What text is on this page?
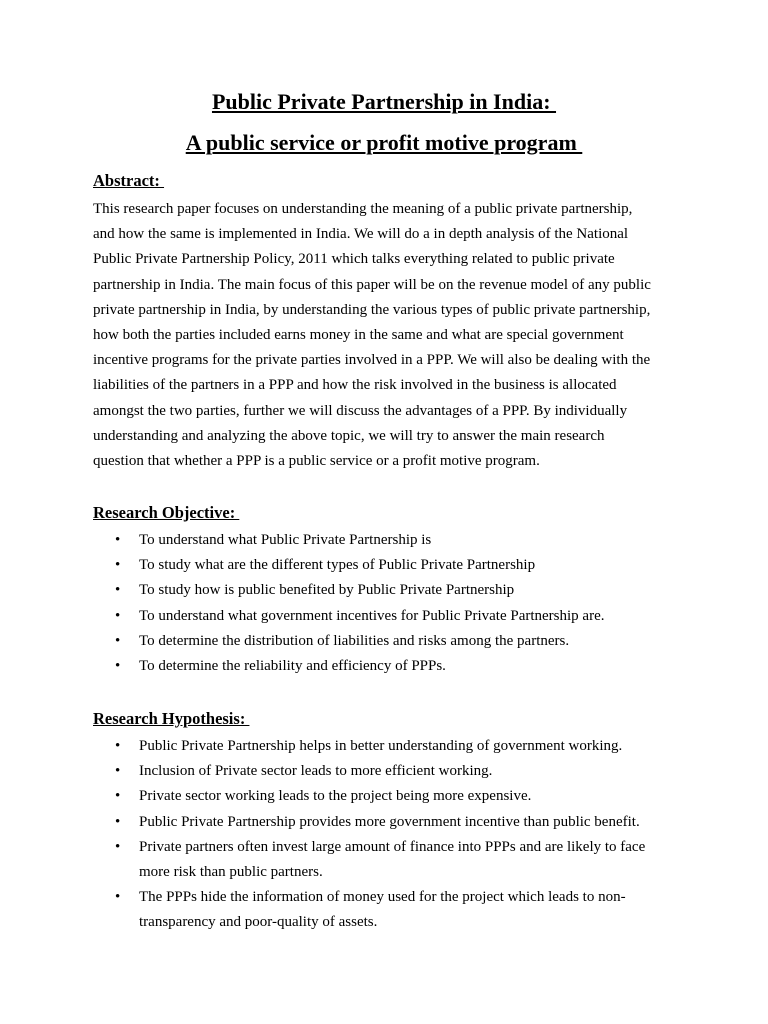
Public Private Partnership in India:
A public service or profit motive program
Abstract:

This research paper focuses on understanding the meaning of a public private partnership,
and how the same is implemented in India. We will do a in depth analysis of the National
Public Private Partnership Policy, 2011 which talks everything related to public private
partnership in India. The main focus of this paper will be on the revenue model of any public
private partnership in India, by understanding the various types of public private partnership,
how both the parties included earns money in the same and what are special government
incentive programs for the private parties involved in a PPP. We will also be dealing with the
liabilities of the partners in a PPP and how the risk involved in the business is allocated
amongst the two parties, further we will discuss the advantages of a PPP. By individually
understanding and analyzing the above topic, we will try to answer the main research
question that whether a PPP is a public service or a profit motive program.

Research Objective:
• To understand what Public Private Partnership is
• To study what are the different types of Public Private Partnership
• To study how is public benefited by Public Private Partnership
• To understand what government incentives for Public Private Partnership are.
• To determine the distribution of liabilities and risks among the partners.
• To determine the reliability and efficiency of PPPs.
Research Hypothesis:
• Public Private Partnership helps in better understanding of government working.
• Inclusion of Private sector leads to more efficient working.
• Private sector working leads to the project being more expensive.
• Public Private Partnership provides more government incentive than public benefit.
• Private partners often invest large amount of finance into PPPs and are likely to face
more risk than public partners.
• The PPPs hide the information of money used for the project which leads to non-
transparency and poor-quality of assets.
